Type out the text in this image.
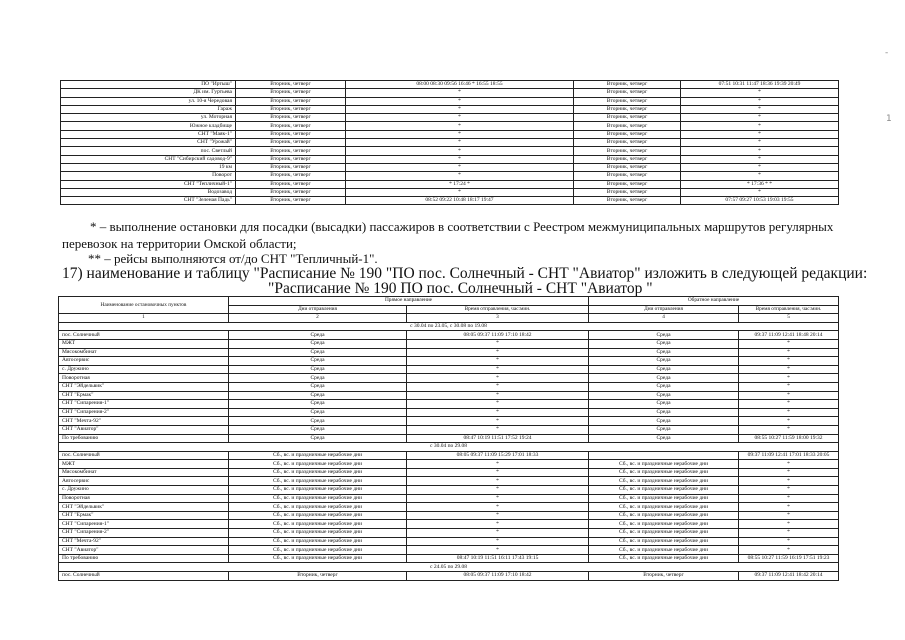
-
1
ПО "Иртыш"	Вторник, четверг	08:00 08:30 09:56 16:46 * 16:55 18:55	Вторник, четверг	07:51 10:31 11:47 18:36 19:39 20:49
ДК им. Гуртьева	Вторник, четверг	*	Вторник, четверг	*
ул. 10-я Чередовая	Вторник, четверг	*	Вторник, четверг	*
Гараж	Вторник, четверг	*	Вторник, четверг	*
ул. Моторная	Вторник, четверг	*	Вторник, четверг	*
Южное кладбище	Вторник, четверг	*	Вторник, четверг	*
СНТ "Маяк-1"	Вторник, четверг	*	Вторник, четверг	*
СНТ "Урожай"	Вторник, четверг	*	Вторник, четверг	*
пос. Светлый	Вторник, четверг	*	Вторник, четверг	*
СНТ "Сибирский садовод-9"	Вторник, четверг	*	Вторник, четверг	*
19 км	Вторник, четверг	*	Вторник, четверг	*
Поворот	Вторник, четверг	*	Вторник, четверг	*
СНТ "Тепличный-1"	Вторник, четверг	* 17:24 *	Вторник, четверг	* 17:36 * *
Водозавод	Вторник, четверг	*	Вторник, четверг	*
СНТ "Зеленая Падь"	Вторник, четверг	08:52 09:22 10:48 18:17 19:47	Вторник, четверг	07:57 09:27 10:53 19:03 19:55
* – выполнение остановки для посадки (высадки) пассажиров в соответствии с Реестром межмуниципальных маршрутов регулярных
перевозок на территории Омской области;
** – рейсы выполняются от/до СНТ "Тепличный-1".
17) наименование и таблицу "Расписание № 190 "ПО пос. Солнечный - СНТ "Авиатор" изложить в следующей редакции:
"Расписание № 190 ПО пос. Солнечный - СНТ "Авиатор "
Наименование остановочных пунктов	Прямое направление		Обратное направление	
	Дни отправления	Время отправления, час:мин.	Дни отправления	Время отправления, час:мин.
1	2	3	4	5
с 30.04 по 23.05, с 30.08 по 19.08				
пос. Солнечный	Среда	08:05 09:37 11:09 17:10 18:42	Среда	09:37 11:09 12:41 18:48 20:14
МЖТ	Среда	*	Среда	*
Мясокомбинат	Среда	*	Среда	*
Автосервис	Среда	*	Среда	*
с. Дружино	Среда	*	Среда	*
Поворотная	Среда	*	Среда	*
СНТ "Эйдельвик"	Среда	*	Среда	*
СНТ "Ермак"	Среда	*	Среда	*
СНТ "Сипарения-1"	Среда	*	Среда	*
СНТ "Сипарения-2"	Среда	*	Среда	*
СНТ "Мечта-92"	Среда	*	Среда	*
СНТ "Авиатор"	Среда	*	Среда	*
По требованию	Среда	08:47 10:19 11:51 17:52 19:24	Среда	08:55 10:27 11:59 18:00 19:32
с 30.04 по 29.08				
пос. Солнечный	Сб., вс. и праздничные нерабочие дни	08:05 09:37 11:09 15:29 17:01 18:33		09:37 11:09 12:41 17:01 18:33 20:05
МЖТ	Сб., вс. и праздничные нерабочие дни	*	Сб., вс. и праздничные нерабочие дни	*
Мясокомбинат	Сб., вс. и праздничные нерабочие дни	*	Сб., вс. и праздничные нерабочие дни	*
Автосервис	Сб., вс. и праздничные нерабочие дни	*	Сб., вс. и праздничные нерабочие дни	*
с. Дружино	Сб., вс. и праздничные нерабочие дни	*	Сб., вс. и праздничные нерабочие дни	*
Поворотная	Сб., вс. и праздничные нерабочие дни	*	Сб., вс. и праздничные нерабочие дни	*
СНТ "Эйдельвик"	Сб., вс. и праздничные нерабочие дни	*	Сб., вс. и праздничные нерабочие дни	*
СНТ "Ермак"	Сб., вс. и праздничные нерабочие дни	*	Сб., вс. и праздничные нерабочие дни	*
СНТ "Сипарения-1"	Сб., вс. и праздничные нерабочие дни	*	Сб., вс. и праздничные нерабочие дни	*
СНТ "Сипарения-2"	Сб., вс. и праздничные нерабочие дни	*	Сб., вс. и праздничные нерабочие дни	*
СНТ "Мечта-92"	Сб., вс. и праздничные нерабочие дни	*	Сб., вс. и праздничные нерабочие дни	*
СНТ "Авиатор"	Сб., вс. и праздничные нерабочие дни	*	Сб., вс. и праздничные нерабочие дни	*
По требованию	Сб., вс. и праздничные нерабочие дни	08:47 10:19 11:51 16:11 17:43 19:15	Сб., вс. и праздничные нерабочие дни	08:55 10:27 11:59 16:19 17:51 19:23
с 24.05 по 29.08				
пос. Солнечный	Вторник, четверг	08:05 09:37 11:09 17:10 18:42	Вторник, четверг	09:37 11:09 12:41 18:42 20:14
